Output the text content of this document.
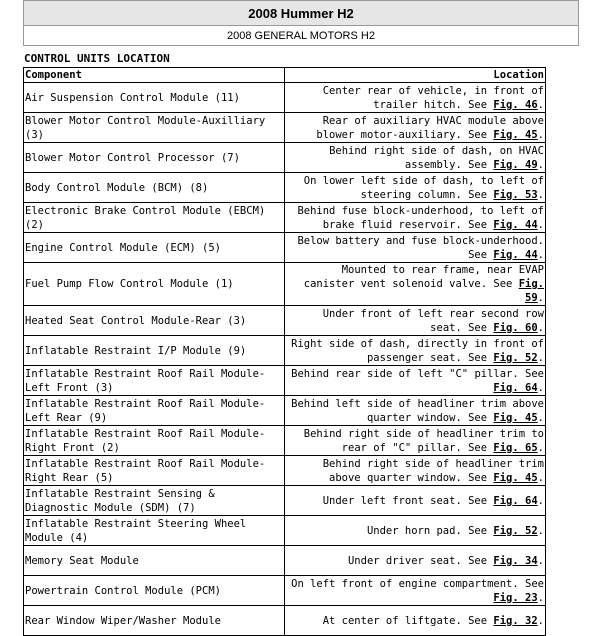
2008 Hummer H2
2008 GENERAL MOTORS H2
CONTROL UNITS LOCATION
Component	Location
Air Suspension Control Module (11)	Center rear of vehicle, in front of trailer hitch. See Fig. 46.
Blower Motor Control Module-Auxilliary (3)	Rear of auxiliary HVAC module above blower motor-auxiliary. See Fig. 45.
Blower Motor Control Processor (7)	Behind right side of dash, on HVAC assembly. See Fig. 49.
Body Control Module (BCM) (8)	On lower left side of dash, to left of steering column. See Fig. 53.
Electronic Brake Control Module (EBCM) (2)	Behind fuse block-underhood, to left of brake fluid reservoir. See Fig. 44.
Engine Control Module (ECM) (5)	Below battery and fuse block-underhood. See Fig. 44.
Fuel Pump Flow Control Module (1)	Mounted to rear frame, near EVAP canister vent solenoid valve. See Fig. 59.
Heated Seat Control Module-Rear (3)	Under front of left rear second row seat. See Fig. 60.
Inflatable Restraint I/P Module (9)	Right side of dash, directly in front of passenger seat. See Fig. 52.
Inflatable Restraint Roof Rail Module-Left Front (3)	Behind rear side of left "C" pillar. See Fig. 64.
Inflatable Restraint Roof Rail Module-Left Rear (9)	Behind left side of headliner trim above quarter window. See Fig. 45.
Inflatable Restraint Roof Rail Module-Right Front (2)	Behind right side of headliner trim to rear of "C" pillar. See Fig. 65.
Inflatable Restraint Roof Rail Module-Right Rear (5)	Behind right side of headliner trim above quarter window. See Fig. 45.
Inflatable Restraint Sensing & Diagnostic Module (SDM) (7)	Under left front seat. See Fig. 64.
Inflatable Restraint Steering Wheel Module (4)	Under horn pad. See Fig. 52.
Memory Seat Module	Under driver seat. See Fig. 34.
Powertrain Control Module (PCM)	On left front of engine compartment. See Fig. 23.
Rear Window Wiper/Washer Module	At center of liftgate. See Fig. 32.
